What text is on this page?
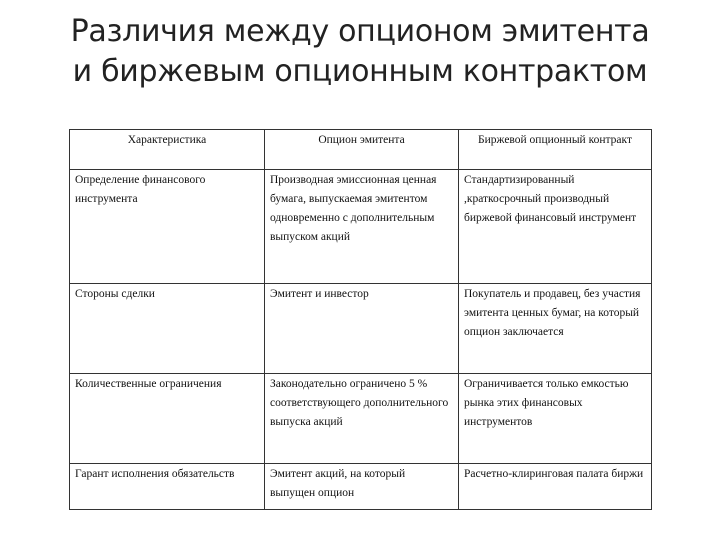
Различия между опционом эмитента
и биржевым опционным контрактом
Характеристика	Опцион эмитента	Биржевой опционный контракт
Определение финансового инструмента	Производная эмиссионная ценная бумага, выпускаемая эмитентом одновременно с дополнительным выпуском акций	Стандартизированный ,краткосрочный производный биржевой финансовый инструмент
Стороны сделки	Эмитент и инвестор	Покупатель и продавец, без участия эмитента ценных бумаг, на который опцион заключается
Количественные ограничения	Законодательно ограничено 5 % соответствующего дополнительного выпуска акций	Ограничивается только емкостью рынка этих финансовых инструментов
Гарант исполнения обязательств	Эмитент акций, на который выпущен опцион	Расчетно-клиринговая палата биржи
